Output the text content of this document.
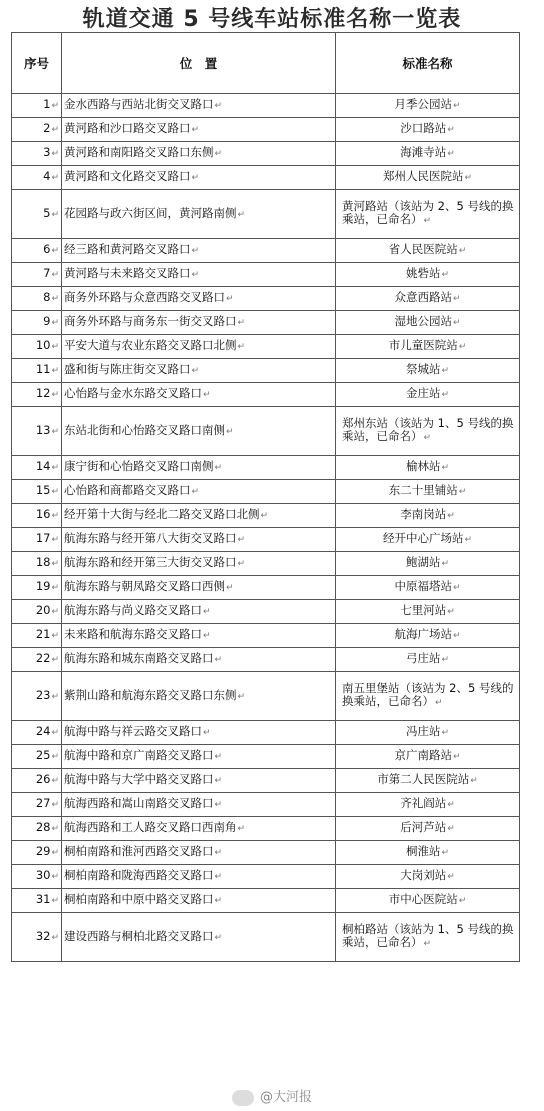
轨道交通 5 号线车站标准名称一览表
序号	位　置	标准名称
1↵	金水西路与西站北街交叉路口↵	月季公园站↵
2↵	黄河路和沙口路交叉路口↵	沙口路站↵
3↵	黄河路和南阳路交叉路口东侧↵	海滩寺站↵
4↵	黄河路和文化路交叉路口↵	郑州人民医院站↵
5↵	花园路与政六街区间，黄河路南侧↵	黄河路站（该站为 2、5 号线的换乘站，已命名）↵
6↵	经三路和黄河路交叉路口↵	省人民医院站↵
7↵	黄河路与未来路交叉路口↵	姚砦站↵
8↵	商务外环路与众意西路交叉路口↵	众意西路站↵
9↵	商务外环路与商务东一街交叉路口↵	湿地公园站↵
10↵	平安大道与农业东路交叉路口北侧↵	市儿童医院站↵
11↵	盛和街与陈庄街交叉路口↵	祭城站↵
12↵	心怡路与金水东路交叉路口↵	金庄站↵
13↵	东站北街和心怡路交叉路口南侧↵	郑州东站（该站为 1、5 号线的换乘站，已命名）↵
14↵	康宁街和心怡路交叉路口南侧↵	榆林站↵
15↵	心怡路和商都路交叉路口↵	东二十里铺站↵
16↵	经开第十大街与经北二路交叉路口北侧↵	李南岗站↵
17↵	航海东路与经开第八大街交叉路口↵	经开中心广场站↵
18↵	航海东路和经开第三大街交叉路口↵	鲍湖站↵
19↵	航海东路与朝凤路交叉路口西侧↵	中原福塔站↵
20↵	航海东路与尚义路交叉路口↵	七里河站↵
21↵	未来路和航海东路交叉路口↵	航海广场站↵
22↵	航海东路和城东南路交叉路口↵	弓庄站↵
23↵	紫荆山路和航海东路交叉路口东侧↵	南五里堡站（该站为 2、5 号线的换乘站，已命名）↵
24↵	航海中路与祥云路交叉路口↵	冯庄站↵
25↵	航海中路和京广南路交叉路口↵	京广南路站↵
26↵	航海中路与大学中路交叉路口↵	市第二人民医院站↵
27↵	航海西路和嵩山南路交叉路口↵	齐礼阎站↵
28↵	航海西路和工人路交叉路口西南角↵	后河芦站↵
29↵	桐柏南路和淮河西路交叉路口↵	桐淮站↵
30↵	桐柏南路和陇海西路交叉路口↵	大岗刘站↵
31↵	桐柏南路和中原中路交叉路口↵	市中心医院站↵
32↵	建设西路与桐柏北路交叉路口↵	桐柏路站（该站为 1、5 号线的换乘站，已命名）↵
@大河报
